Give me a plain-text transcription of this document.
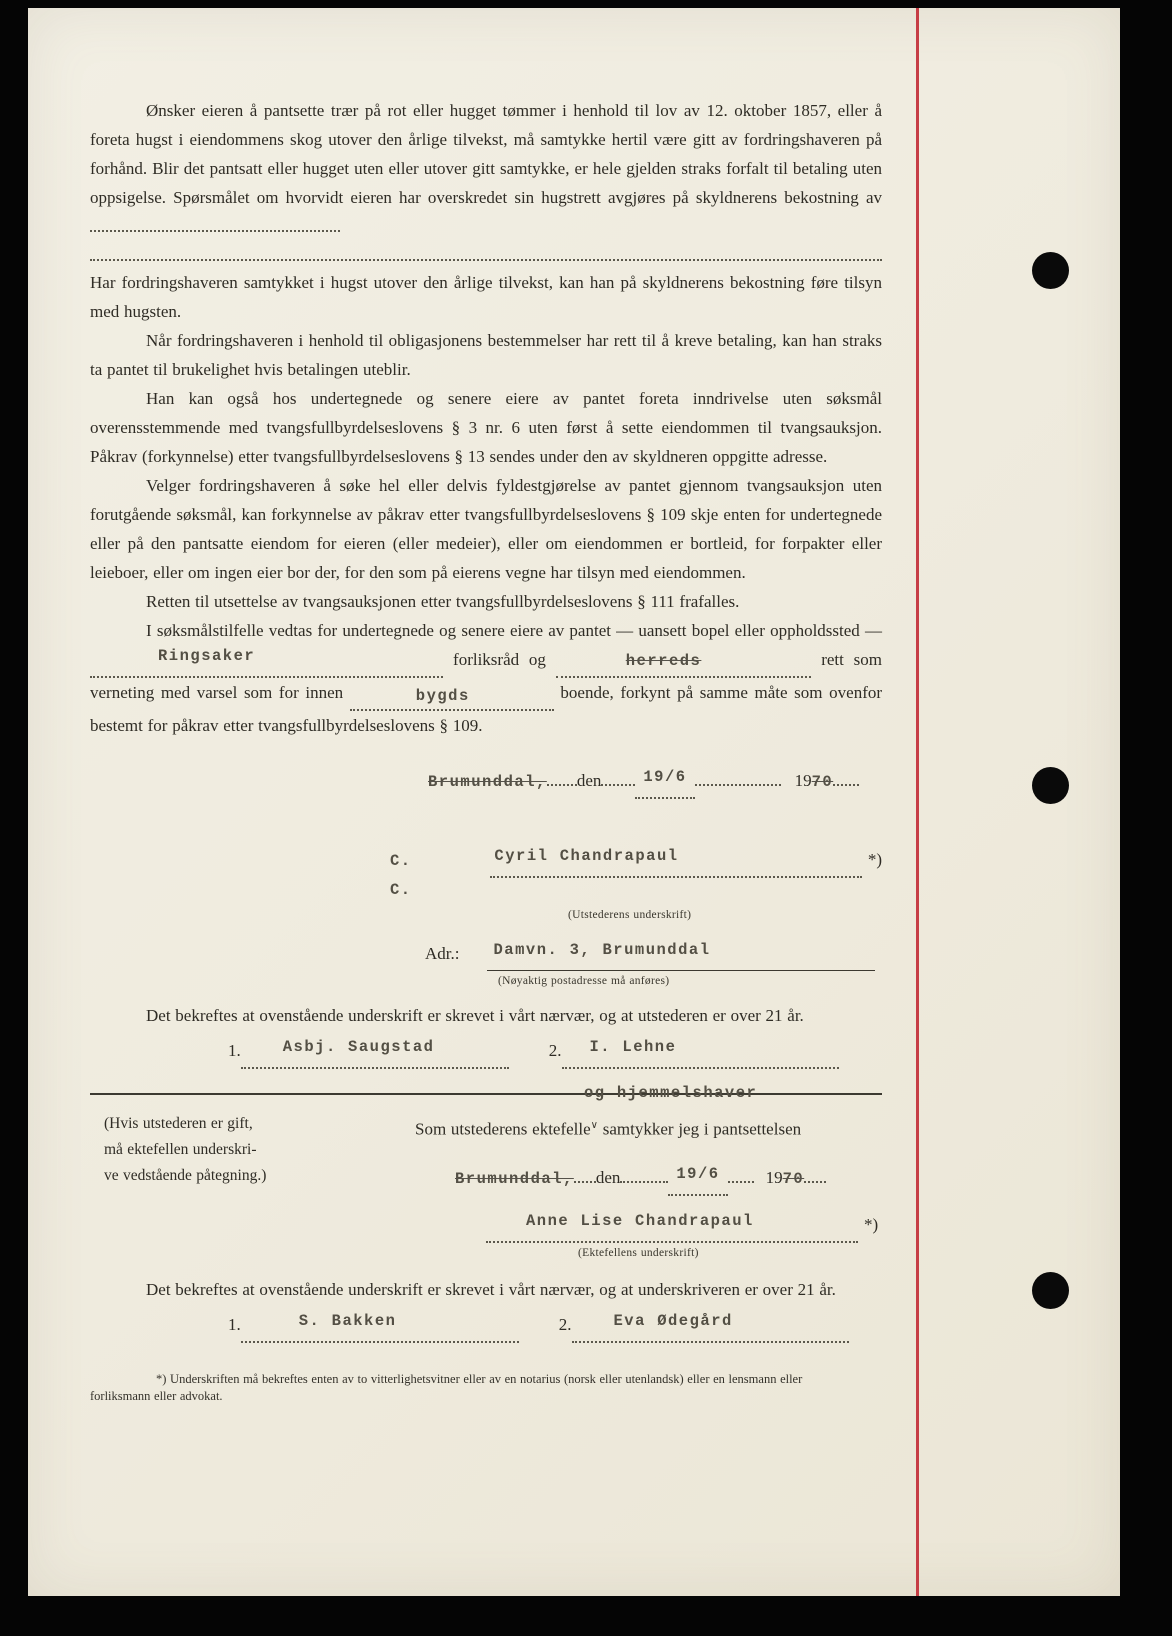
Ønsker eieren å pantsette trær på rot eller hugget tømmer i henhold til lov av 12. oktober 1857, eller å foreta hugst i eiendommens skog utover den årlige tilvekst, må samtykke hertil være gitt av fordringshaveren på forhånd. Blir det pantsatt eller hugget uten eller utover gitt samtykke, er hele gjelden straks forfalt til betaling uten oppsigelse. Spørsmålet om hvorvidt eieren har overskredet sin hugstrett avgjøres på skyldnerens bekostning av

Har fordringshaveren samtykket i hugst utover den årlige tilvekst, kan han på skyldnerens bekostning føre tilsyn med hugsten.

Når fordringshaveren i henhold til obligasjonens bestemmelser har rett til å kreve betaling, kan han straks ta pantet til brukelighet hvis betalingen uteblir.

Han kan også hos undertegnede og senere eiere av pantet foreta inndrivelse uten søksmål overensstemmende med tvangsfullbyrdelseslovens § 3 nr. 6 uten først å sette eiendommen til tvangsauksjon. Påkrav (forkynnelse) etter tvangsfullbyrdelseslovens § 13 sendes under den av skyldneren oppgitte adresse.

Velger fordringshaveren å søke hel eller delvis fyldestgjørelse av pantet gjennom tvangsauksjon uten forutgående søksmål, kan forkynnelse av påkrav etter tvangsfullbyrdelseslovens § 109 skje enten for undertegnede eller på den pantsatte eiendom for eieren (eller medeier), eller om eiendommen er bortleid, for forpakter eller leieboer, eller om ingen eier bor der, for den som på eierens vegne har tilsyn med eiendommen.

Retten til utsettelse av tvangsauksjonen etter tvangsfullbyrdelseslovens § 111 frafalles.

I søksmålstilfelle vedtas for undertegnede og senere eiere av pantet — uansett bopel eller oppholdssted — Ringsaker	forliksråd og	herreds	rett som verneting med varsel som for innen	bygds	boende, forkynt på samme måte som ovenfor bestemt for påkrav etter tvangsfullbyrdelseslovens § 109.

Brumunddal, den	19/6	19 70
C. C.
Cyril Chandrapaul	*)
(Utstederens underskrift)
Adr.:	Damvn. 3, Brumunddal
(Nøyaktig postadresse må anføres)

Det bekreftes at ovenstående underskrift er skrevet i vårt nærvær, og at utstederen er over 21 år.

1.	Asbj. Saugstad	2.	I. Lehne
og hjemmelshaver
(Hvis utstederen er gift,
må ektefellen underskri-
ve vedstående påtegning.)
Som utstederens ektefelle∨ samtykker jeg i pantsettelsen
Brumunddal, den	19/6	19 70
Anne Lise Chandrapaul	*)
(Ektefellens underskrift)

Det bekreftes at ovenstående underskrift er skrevet i vårt nærvær, og at underskriveren er over 21 år.

1.	S. Bakken	2.	Eva Ødegård
*) Underskriften må bekreftes enten av to vitterlighetsvitner eller av en notarius (norsk eller utenlandsk) eller en lensmann eller forliksmann eller advokat.
